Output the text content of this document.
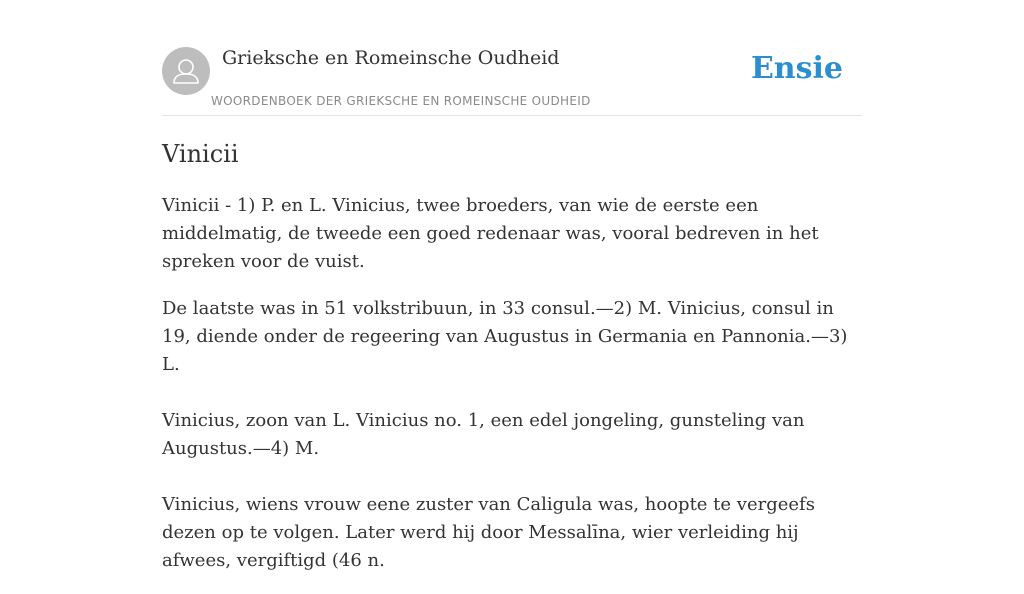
Grieksche en Romeinsche Oudheid
WOORDENBOEK DER GRIEKSCHE EN ROMEINSCHE OUDHEID
Ensie
Vinicii

Vinicii - 1) P. en L. Vinicius, twee broeders, van wie de eerste een middelmatig, de tweede een goed redenaar was, vooral bedreven in het spreken voor de vuist.

De laatste was in 51 volkstribuun, in 33 consul.—2) M. Vinicius, consul in 19, diende onder de regeering van Augustus in Germania en Pannonia.—3) L.

Vinicius, zoon van L. Vinicius no. 1, een edel jongeling, gunsteling van Augustus.—4) M.

Vinicius, wiens vrouw eene zuster van Caligula was, hoopte te vergeefs dezen op te volgen. Later werd hij door Messalīna, wier verleiding hij afwees, vergiftigd (46 n.
